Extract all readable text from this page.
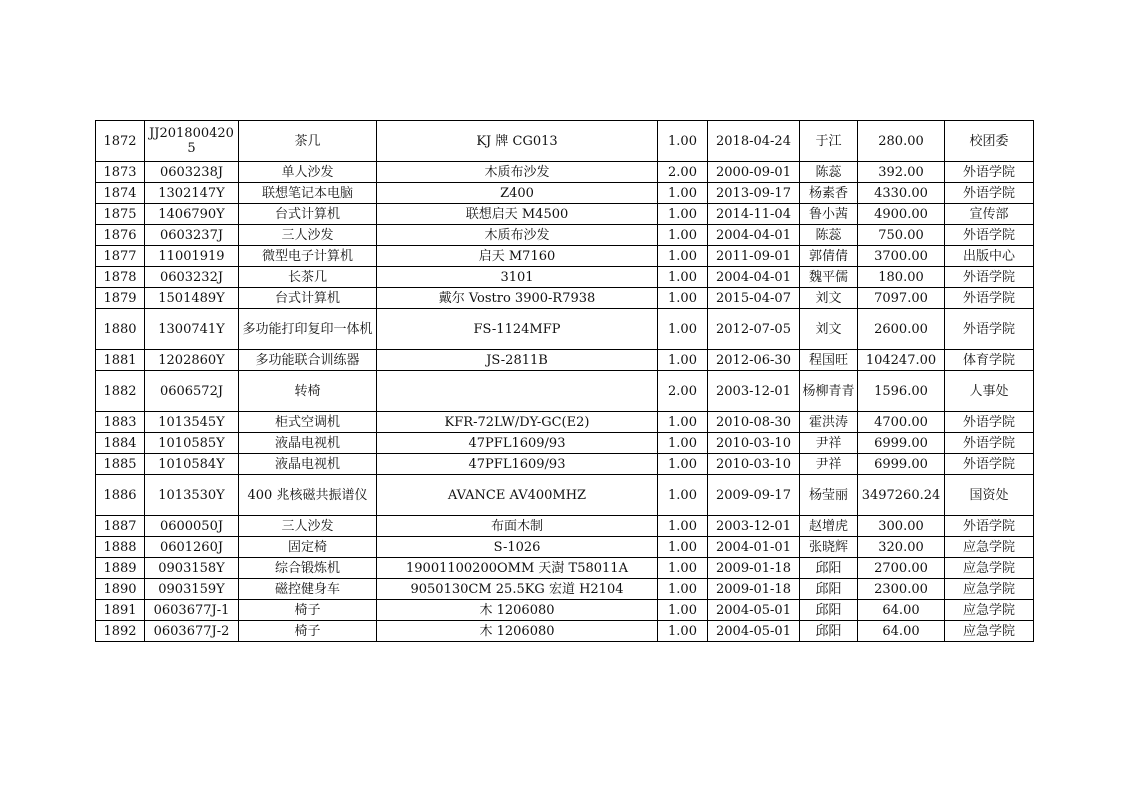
1872	JJ2018004205	茶几	KJ 牌 CG013	1.00	2018-04-24	于江	280.00	校团委
1873	0603238J	单人沙发	木质布沙发	2.00	2000-09-01	陈蕊	392.00	外语学院
1874	1302147Y	联想笔记本电脑	Z400	1.00	2013-09-17	杨素香	4330.00	外语学院
1875	1406790Y	台式计算机	联想启天 M4500	1.00	2014-11-04	鲁小茜	4900.00	宣传部
1876	0603237J	三人沙发	木质布沙发	1.00	2004-04-01	陈蕊	750.00	外语学院
1877	11001919	微型电子计算机	启天 M7160	1.00	2011-09-01	郭倩倩	3700.00	出版中心
1878	0603232J	长茶几	3101	1.00	2004-04-01	魏平儒	180.00	外语学院
1879	1501489Y	台式计算机	戴尔 Vostro 3900-R7938	1.00	2015-04-07	刘文	7097.00	外语学院
1880	1300741Y	多功能打印复印一体机	FS-1124MFP	1.00	2012-07-05	刘文	2600.00	外语学院
1881	1202860Y	多功能联合训练器	JS-2811B	1.00	2012-06-30	程国旺	104247.00	体育学院
1882	0606572J	转椅		2.00	2003-12-01	杨柳青青	1596.00	人事处
1883	1013545Y	柜式空调机	KFR-72LW/DY-GC(E2)	1.00	2010-08-30	霍洪涛	4700.00	外语学院
1884	1010585Y	液晶电视机	47PFL1609/93	1.00	2010-03-10	尹祥	6999.00	外语学院
1885	1010584Y	液晶电视机	47PFL1609/93	1.00	2010-03-10	尹祥	6999.00	外语学院
1886	1013530Y	400 兆核磁共振谱仪	AVANCE AV400MHZ	1.00	2009-09-17	杨莹丽	3497260.24	国资处
1887	0600050J	三人沙发	布面木制	1.00	2003-12-01	赵增虎	300.00	外语学院
1888	0601260J	固定椅	S-1026	1.00	2004-01-01	张晓辉	320.00	应急学院
1889	0903158Y	综合锻炼机	19001100200OMM 天澍 T58011A	1.00	2009-01-18	邱阳	2700.00	应急学院
1890	0903159Y	磁控健身车	9050130CM 25.5KG 宏道 H2104	1.00	2009-01-18	邱阳	2300.00	应急学院
1891	0603677J-1	椅子	木 1206080	1.00	2004-05-01	邱阳	64.00	应急学院
1892	0603677J-2	椅子	木 1206080	1.00	2004-05-01	邱阳	64.00	应急学院
